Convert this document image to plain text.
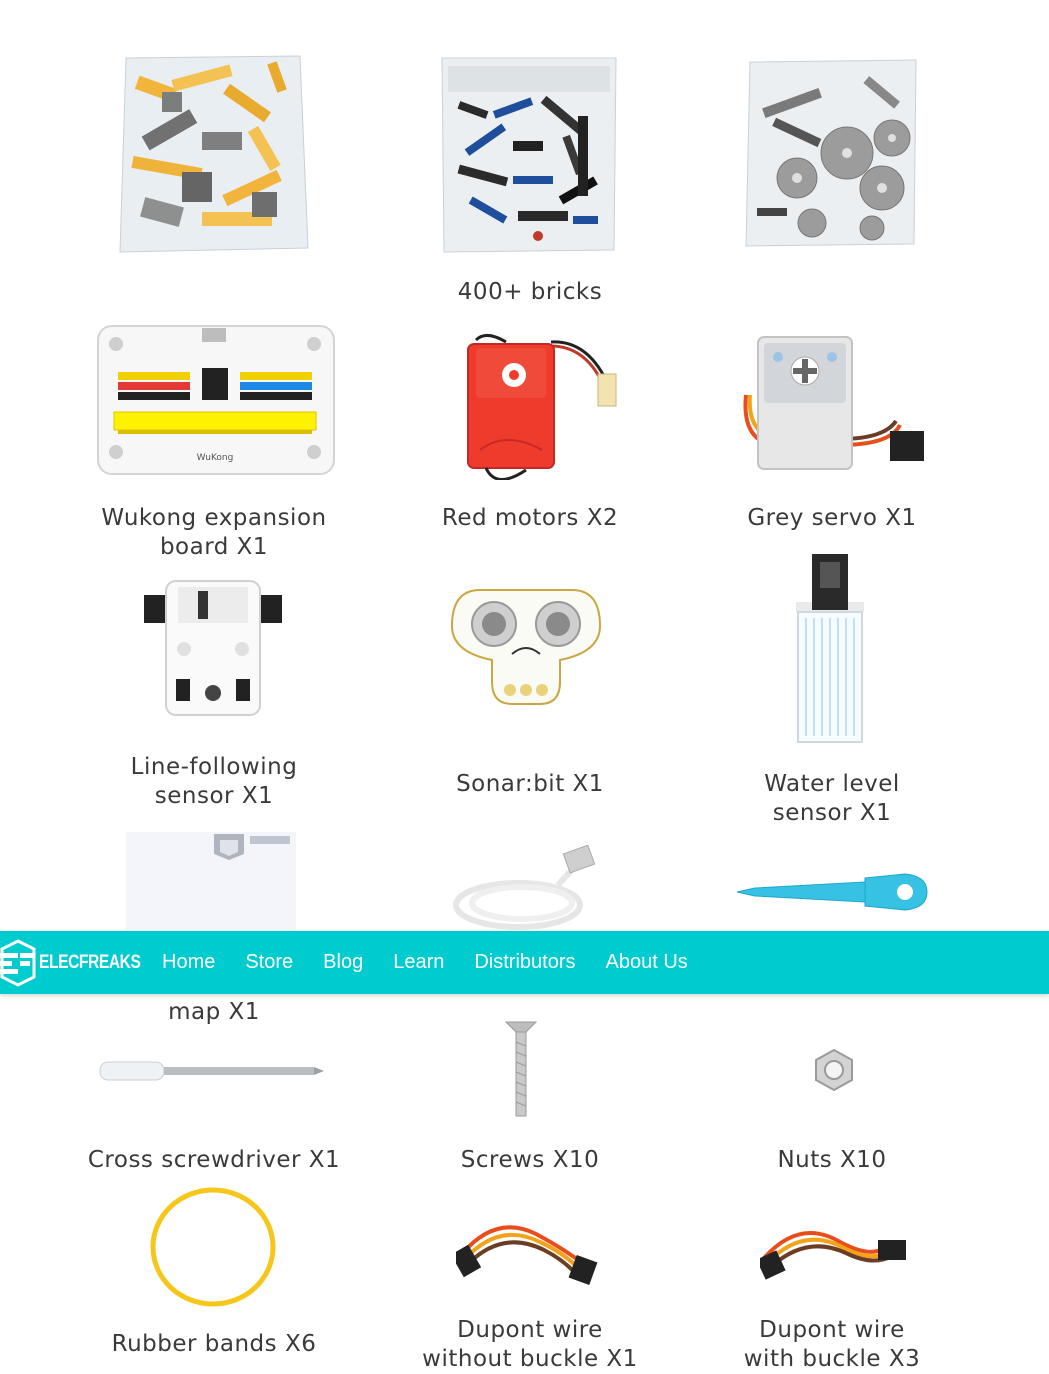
400+ bricks
WuKong
Wukong expansion
board X1
Red motors X2	Grey servo X1
Line-following
sensor X1	Sonar:bit X1	Water level
sensor X1
ELECFREAKS Home Store Blog Learn Distributors About Us
map X1
Cross screwdriver X1	Screws X10	Nuts X10
Rubber bands X6
Dupont wire
without buckle X1
Dupont wire
with buckle X3
